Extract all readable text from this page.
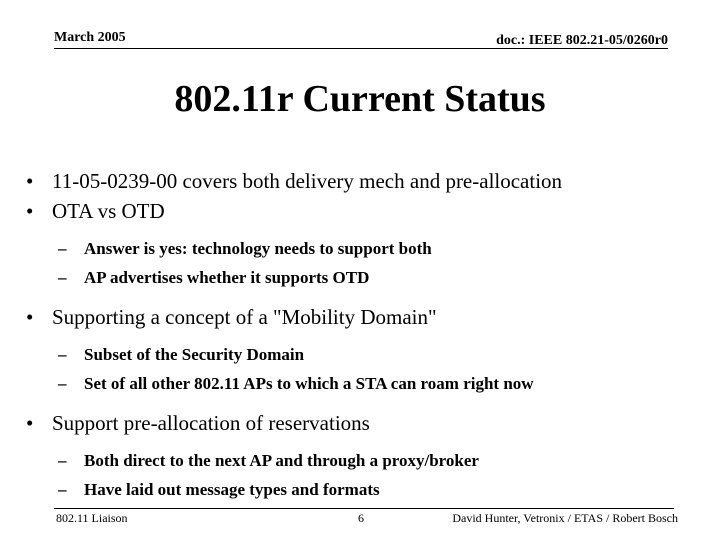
March 2005	doc.: IEEE 802.21-05/0260r0
802.11r Current Status
• 11-05-0239-00 covers both delivery mech and pre-allocation
• OTA vs OTD
– Answer is yes: technology needs to support both
– AP advertises whether it supports OTD
• Supporting a concept of a "Mobility Domain"
– Subset of the Security Domain
– Set of all other 802.11 APs to which a STA can roam right now
• Support pre-allocation of reservations
– Both direct to the next AP and through a proxy/broker
– Have laid out message types and formats
802.11 Liaison	6	David Hunter, Vetronix / ETAS / Robert Bosch
